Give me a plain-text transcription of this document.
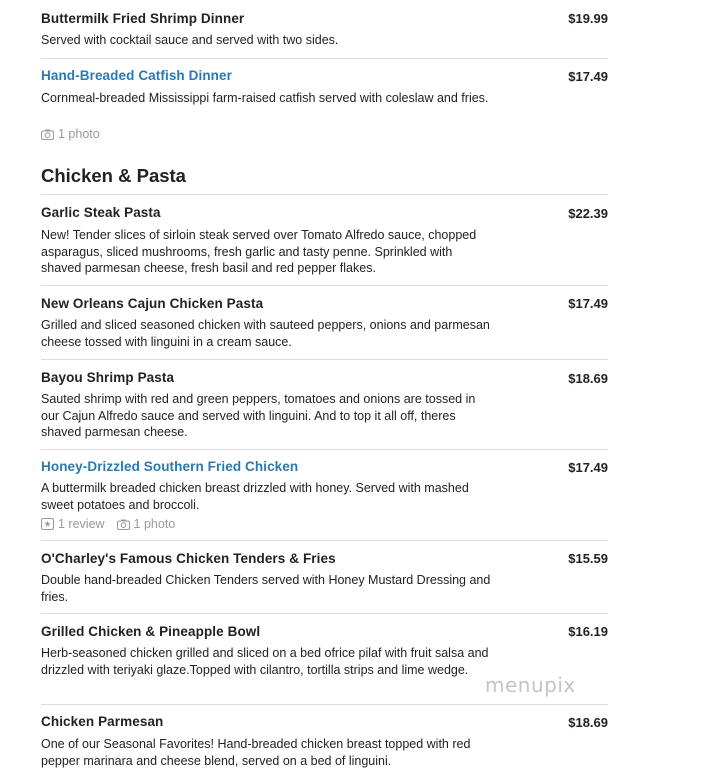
Buttermilk Fried Shrimp Dinner	$19.99
Served with cocktail sauce and served with two sides.
Hand-Breaded Catfish Dinner	$17.49
Cornmeal-breaded Mississippi farm-raised catfish served with coleslaw and fries.
1 photo
Chicken & Pasta
Garlic Steak Pasta	$22.39
New! Tender slices of sirloin steak served over Tomato Alfredo sauce, chopped asparagus, sliced mushrooms, fresh garlic and tasty penne. Sprinkled with shaved parmesan cheese, fresh basil and red pepper flakes.
New Orleans Cajun Chicken Pasta	$17.49
Grilled and sliced seasoned chicken with sauteed peppers, onions and parmesan cheese tossed with linguini in a cream sauce.
Bayou Shrimp Pasta	$18.69
Sauted shrimp with red and green peppers, tomatoes and onions are tossed in our Cajun Alfredo sauce and served with linguini. And to top it all off, theres shaved parmesan cheese.
Honey-Drizzled Southern Fried Chicken	$17.49
A buttermilk breaded chicken breast drizzled with honey. Served with mashed sweet potatoes and broccoli.
1 review 1 photo
O'Charley's Famous Chicken Tenders & Fries	$15.59
Double hand-breaded Chicken Tenders served with Honey Mustard Dressing and fries.
Grilled Chicken & Pineapple Bowl	$16.19
Herb-seasoned chicken grilled and sliced on a bed ofrice pilaf with fruit salsa and drizzled with teriyaki glaze.Topped with cilantro, tortilla strips and lime wedge.
Chicken Parmesan	$18.69
One of our Seasonal Favorites! Hand-breaded chicken breast topped with red pepper marinara and cheese blend, served on a bed of linguini.
menupix
